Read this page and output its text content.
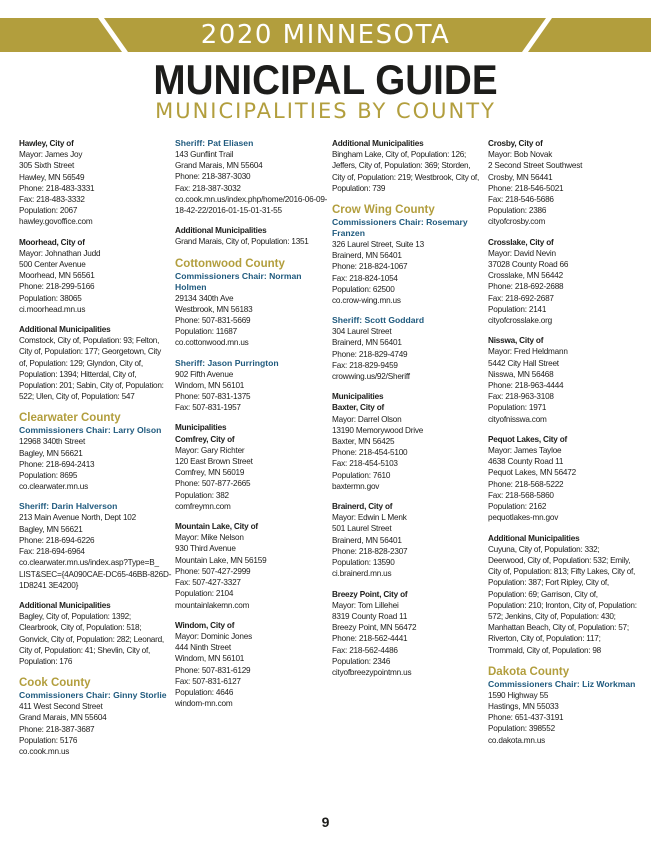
2020 MINNESOTA
MUNICIPAL GUIDE
MUNICIPALITIES BY COUNTY
Hawley, City of
Mayor: James Joy
305 Sixth Street
Hawley, MN 56549
Phone: 218-483-3331
Fax: 218-483-3332
Population: 2067
hawley.govoffice.com
Moorhead, City of
Mayor: Johnathan Judd
500 Center Avenue
Moorhead, MN 56561
Phone: 218-299-5166
Population: 38065
ci.moorhead.mn.us
Additional Municipalities
Comstock, City of, Population: 93; Felton, City of, Population: 177; Georgetown, City of, Population: 129; Glyndon, City of, Population: 1394; Hitterdal, City of, Population: 201; Sabin, City of, Population: 522; Ulen, City of, Population: 547
Clearwater County
Commissioners Chair: Larry Olson
12968 340th Street
Bagley, MN 56621
Phone: 218-694-2413
Population: 8695
co.clearwater.mn.us
Sheriff: Darin Halverson
213 Main Avenue North, Dept 102
Bagley, MN 56621
Phone: 218-694-6226
Fax: 218-694-6964
co.clearwater.mn.us/index.asp?Type=B_
LIST&SEC={4A090CAE-DC65-46BB-826D-
1D8241 3E4200}
Additional Municipalities
Bagley, City of, Population: 1392; Clearbrook, City of, Population: 518; Gonvick, City of, Population: 282; Leonard, City of, Population: 41; Shevlin, City of, Population: 176
Cook County
Commissioners Chair: Ginny Storlie
411 West Second Street
Grand Marais, MN 55604
Phone: 218-387-3687
Population: 5176
co.cook.mn.us
Sheriff: Pat Eliasen
143 Gunflint Trail
Grand Marais, MN 55604
Phone: 218-387-3030
Fax: 218-387-3032
co.cook.mn.us/index.php/home/2016-06-09-
18-42-22/2016-01-15-01-31-55
Additional Municipalities
Grand Marais, City of, Population: 1351
Cottonwood County
Commissioners Chair: Norman Holmen
29134 340th Ave
Westbrook, MN 56183
Phone: 507-831-5669
Population: 11687
co.cottonwood.mn.us
Sheriff: Jason Purrington
902 Fifth Avenue
Windom, MN 56101
Phone: 507-831-1375
Fax: 507-831-1957
Municipalities
Comfrey, City of
Mayor: Gary Richter
120 East Brown Street
Comfrey, MN 56019
Phone: 507-877-2665
Population: 382
comfreymn.com
Mountain Lake, City of
Mayor: Mike Nelson
930 Third Avenue
Mountain Lake, MN 56159
Phone: 507-427-2999
Fax: 507-427-3327
Population: 2104
mountainlakemn.com
Windom, City of
Mayor: Dominic Jones
444 Ninth Street
Windom, MN 56101
Phone: 507-831-6129
Fax: 507-831-6127
Population: 4646
windom-mn.com
Additional Municipalities
Bingham Lake, City of, Population: 126; Jeffers, City of, Population: 369; Storden, City of, Population: 219; Westbrook, City of, Population: 739
Crow Wing County
Commissioners Chair: Rosemary Franzen
326 Laurel Street, Suite 13
Brainerd, MN 56401
Phone: 218-824-1067
Fax: 218-824-1054
Population: 62500
co.crow-wing.mn.us
Sheriff: Scott Goddard
304 Laurel Street
Brainerd, MN 56401
Phone: 218-829-4749
Fax: 218-829-9459
crowwing.us/92/Sheriff
Municipalities
Baxter, City of
Mayor: Darrel Olson
13190 Memorywood Drive
Baxter, MN 56425
Phone: 218-454-5100
Fax: 218-454-5103
Population: 7610
baxtermn.gov
Brainerd, City of
Mayor: Edwin L Menk
501 Laurel Street
Brainerd, MN 56401
Phone: 218-828-2307
Population: 13590
ci.brainerd.mn.us
Breezy Point, City of
Mayor: Tom Lillehei
8319 County Road 11
Breezy Point, MN 56472
Phone: 218-562-4441
Fax: 218-562-4486
Population: 2346
cityofbreezypointmn.us
Crosby, City of
Mayor: Bob Novak
2 Second Street Southwest
Crosby, MN 56441
Phone: 218-546-5021
Fax: 218-546-5686
Population: 2386
cityofcrosby.com
Crosslake, City of
Mayor: David Nevin
37028 County Road 66
Crosslake, MN 56442
Phone: 218-692-2688
Fax: 218-692-2687
Population: 2141
cityofcrosslake.org
Nisswa, City of
Mayor: Fred Heldmann
5442 City Hall Street
Nisswa, MN 56468
Phone: 218-963-4444
Fax: 218-963-3108
Population: 1971
cityofnisswa.com
Pequot Lakes, City of
Mayor: James Tayloe
4638 County Road 11
Pequot Lakes, MN 56472
Phone: 218-568-5222
Fax: 218-568-5860
Population: 2162
pequotlakes-mn.gov
Additional Municipalities
Cuyuna, City of, Population: 332; Deerwood, City of, Population: 532; Emily, City of, Population: 813; Fifty Lakes, City of, Population: 387; Fort Ripley, City of, Population: 69; Garrison, City of, Population: 210; Ironton, City of, Population: 572; Jenkins, City of, Population: 430; Manhattan Beach, City of, Population: 57; Riverton, City of, Population: 117; Trommald, City of, Population: 98
Dakota County
Commissioners Chair: Liz Workman
1590 Highway 55
Hastings, MN 55033
Phone: 651-437-3191
Population: 398552
co.dakota.mn.us
9
